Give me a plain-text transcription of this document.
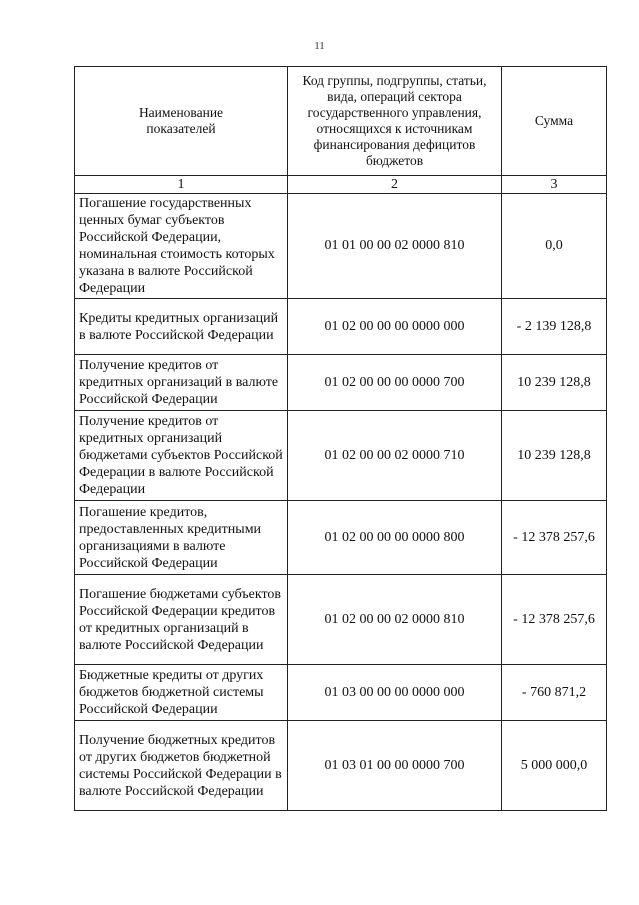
11
Наименование показателей	Код группы, подгруппы, статьи, вида, операций сектора государственного управления, относящихся к источникам финансирования дефицитов бюджетов	Сумма
1	2	3
Погашение государственных ценных бумаг субъектов Российской Федерации, номинальная стоимость которых указана в валюте Российской Федерации	01 01 00 00 02 0000 810	0,0
Кредиты кредитных организаций в валюте Российской Федерации	01 02 00 00 00 0000 000	- 2 139 128,8
Получение кредитов от кредитных организаций в валюте Российской Федерации	01 02 00 00 00 0000 700	10 239 128,8
Получение кредитов от кредитных организаций бюджетами субъектов Российской Федерации в валюте Российской Федерации	01 02 00 00 02 0000 710	10 239 128,8
Погашение кредитов, предоставленных кредитными организациями в валюте Российской Федерации	01 02 00 00 00 0000 800	- 12 378 257,6
Погашение бюджетами субъектов Российской Федерации кредитов от кредитных организаций в валюте Российской Федерации	01 02 00 00 02 0000 810	- 12 378 257,6
Бюджетные кредиты от других бюджетов бюджетной системы Российской Федерации	01 03 00 00 00 0000 000	- 760 871,2
Получение бюджетных кредитов от других бюджетов бюджетной системы Российской Федерации в валюте Российской Федерации	01 03 01 00 00 0000 700	5 000 000,0
